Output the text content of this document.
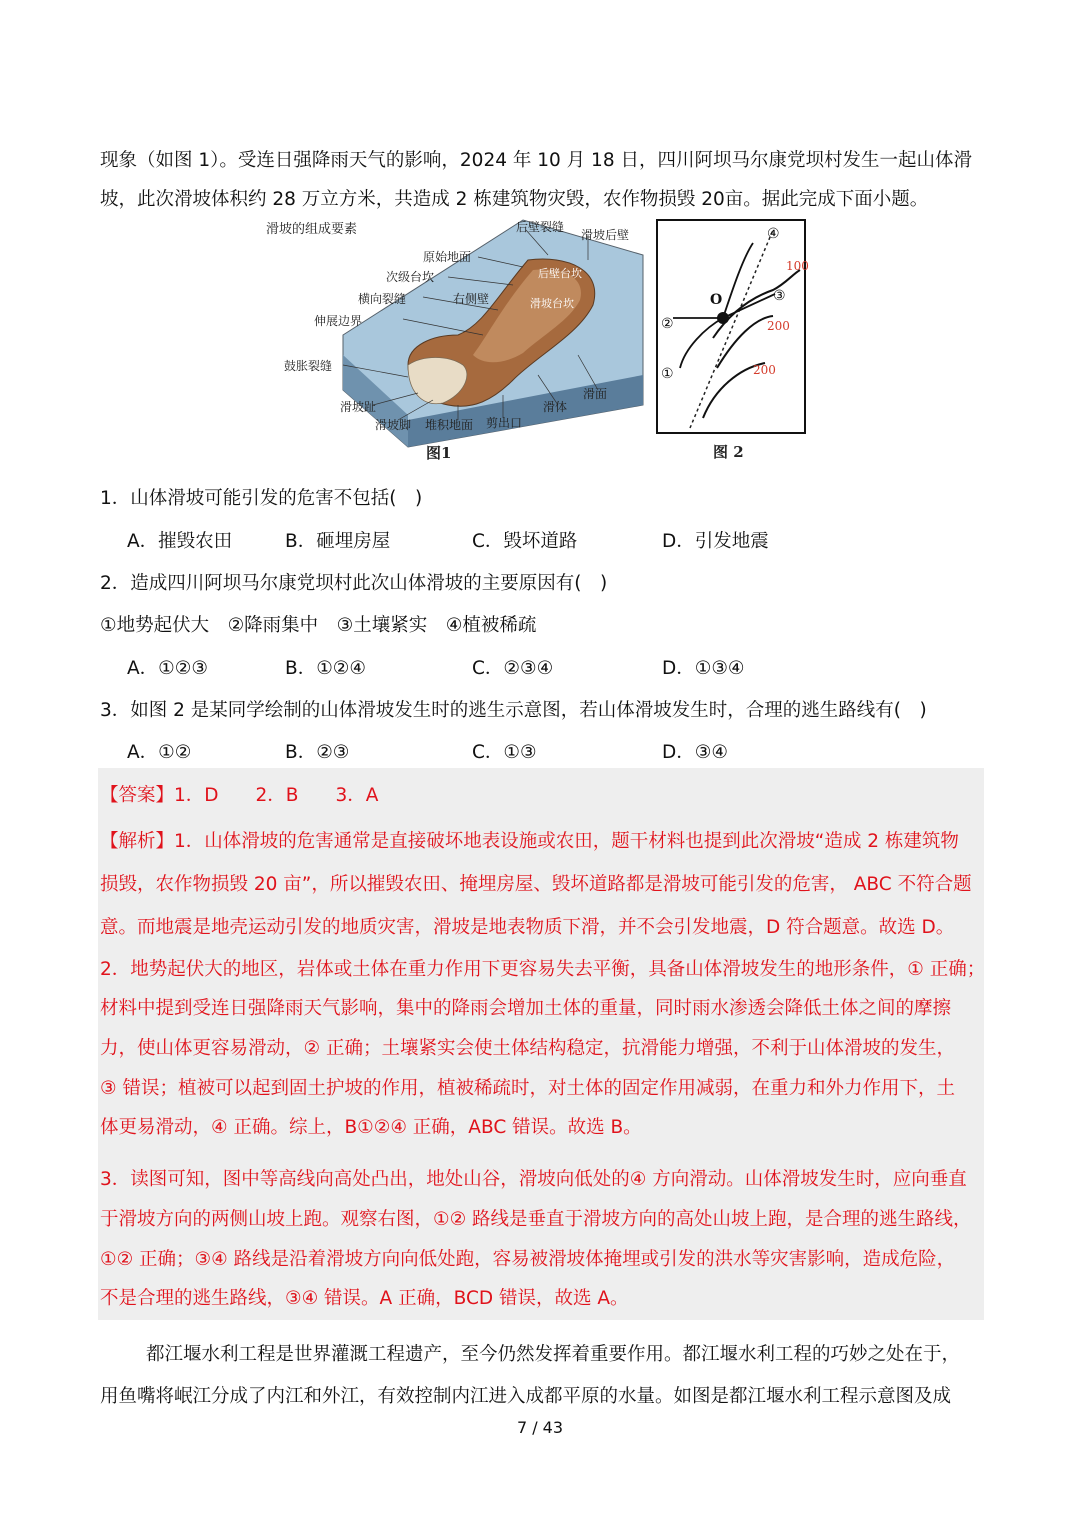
现象（如图 1）。受连日强降雨天气的影响，2024 年 10 月 18 日，四川阿坝马尔康党坝村发生一起山体滑
坡，此次滑坡体积约 28 万立方米，共造成 2 栋建筑物灾毁，农作物损毁 20亩。据此完成下面小题。
滑坡的组成要素	后壁裂缝
滑坡后壁
原始地面
后壁台坎
次级台坎
滑坡台坎
横向裂缝	右侧壁
伸展边界
鼓胀裂缝
滑坡趾
滑坡脚 堆积地面 剪出口
滑体
滑面
图1
O
100
200
200
①
②
③
④
图 2
1．山体滑坡可能引发的危害不包括(　)
A．摧毁农田	B．砸埋房屋	C．毁坏道路	D．引发地震
2．造成四川阿坝马尔康党坝村此次山体滑坡的主要原因有(　)
①地势起伏大　②降雨集中　③土壤紧实　④植被稀疏
A．①②③	B．①②④	C．②③④	D．①③④
3．如图 2 是某同学绘制的山体滑坡发生时的逃生示意图，若山体滑坡发生时，合理的逃生路线有(　)
A．①②	B．②③	C．①③	D．③④
【答案】1．D　　2．B　　3．A
【解析】1．山体滑坡的危害通常是直接破坏地表设施或农田，题干材料也提到此次滑坡“造成 2 栋建筑物
损毁，农作物损毁 20 亩”，所以摧毁农田、掩埋房屋、毁坏道路都是滑坡可能引发的危害， ABC 不符合题
意。而地震是地壳运动引发的地质灾害，滑坡是地表物质下滑，并不会引发地震，D 符合题意。故选 D。
2．地势起伏大的地区，岩体或土体在重力作用下更容易失去平衡，具备山体滑坡发生的地形条件，① 正确；
材料中提到受连日强降雨天气影响，集中的降雨会增加土体的重量，同时雨水渗透会降低土体之间的摩擦
力，使山体更容易滑动，② 正确；土壤紧实会使土体结构稳定，抗滑能力增强，不利于山体滑坡的发生，
③ 错误；植被可以起到固土护坡的作用，植被稀疏时，对土体的固定作用减弱，在重力和外力作用下，土
体更易滑动，④ 正确。综上，B①②④ 正确，ABC 错误。故选 B。
3．读图可知，图中等高线向高处凸出，地处山谷，滑坡向低处的④ 方向滑动。山体滑坡发生时，应向垂直
于滑坡方向的两侧山坡上跑。观察右图，①② 路线是垂直于滑坡方向的高处山坡上跑，是合理的逃生路线，
①② 正确；③④ 路线是沿着滑坡方向向低处跑，容易被滑坡体掩埋或引发的洪水等灾害影响，造成危险，
不是合理的逃生路线，③④ 错误。A 正确，BCD 错误，故选 A。
都江堰水利工程是世界灌溉工程遗产，至今仍然发挥着重要作用。都江堰水利工程的巧妙之处在于，
用鱼嘴将岷江分成了内江和外江，有效控制内江进入成都平原的水量。如图是都江堰水利工程示意图及成
7 / 43
